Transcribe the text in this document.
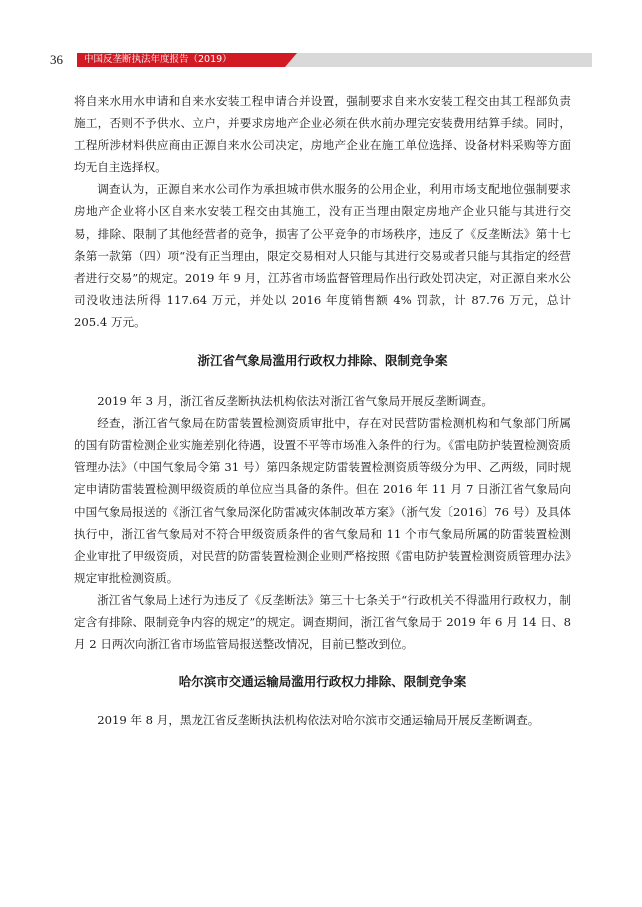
36 中国反垄断执法年度报告（2019）

将自来水用水申请和自来水安装工程申请合并设置，强制要求自来水安装工程交由其工程部负责施工，否则不予供水、立户，并要求房地产企业必须在供水前办理完安装费用结算手续。同时，工程所涉材料供应商由正源自来水公司决定，房地产企业在施工单位选择、设备材料采购等方面均无自主选择权。

调查认为，正源自来水公司作为承担城市供水服务的公用企业，利用市场支配地位强制要求房地产企业将小区自来水安装工程交由其施工，没有正当理由限定房地产企业只能与其进行交易，排除、限制了其他经营者的竞争，损害了公平竞争的市场秩序，违反了《反垄断法》第十七条第一款第（四）项“没有正当理由，限定交易相对人只能与其进行交易或者只能与其指定的经营者进行交易”的规定。2019 年 9 月，江苏省市场监督管理局作出行政处罚决定，对正源自来水公司没收违法所得 117.64 万元，并处以 2016 年度销售额 4% 罚款，计 87.76 万元，总计 205.4 万元。

浙江省气象局滥用行政权力排除、限制竞争案

2019 年 3 月，浙江省反垄断执法机构依法对浙江省气象局开展反垄断调查。

经查，浙江省气象局在防雷装置检测资质审批中，存在对民营防雷检测机构和气象部门所属的国有防雷检测企业实施差别化待遇，设置不平等市场准入条件的行为。《雷电防护装置检测资质管理办法》（中国气象局令第 31 号）第四条规定防雷装置检测资质等级分为甲、乙两级，同时规定申请防雷装置检测甲级资质的单位应当具备的条件。但在 2016 年 11 月 7 日浙江省气象局向中国气象局报送的《浙江省气象局深化防雷减灾体制改革方案》（浙气发〔2016〕76 号）及具体执行中，浙江省气象局对不符合甲级资质条件的省气象局和 11 个市气象局所属的防雷装置检测企业审批了甲级资质，对民营的防雷装置检测企业则严格按照《雷电防护装置检测资质管理办法》规定审批检测资质。

浙江省气象局上述行为违反了《反垄断法》第三十七条关于“行政机关不得滥用行政权力，制定含有排除、限制竞争内容的规定”的规定。调查期间，浙江省气象局于 2019 年 6 月 14 日、8 月 2 日两次向浙江省市场监管局报送整改情况，目前已整改到位。

哈尔滨市交通运输局滥用行政权力排除、限制竞争案

2019 年 8 月，黑龙江省反垄断执法机构依法对哈尔滨市交通运输局开展反垄断调查。
